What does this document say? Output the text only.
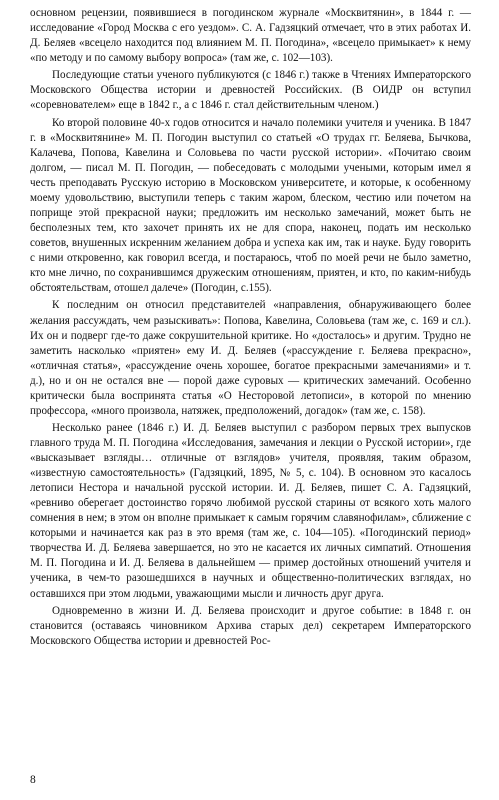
основном рецензии, появившиеся в погодинском журнале «Москвитянин», в 1844 г. — исследование «Город Москва с его уездом». С. А. Гадзяцкий отмечает, что в этих работах И. Д. Беляев «всецело находится под влиянием М. П. Погодина», «всецело примыкает» к нему «по методу и по самому выбору вопроса» (там же, с. 102—103).

Последующие статьи ученого публикуются (с 1846 г.) также в Чтениях Императорского Московского Общества истории и древностей Российских. (В ОИДР он вступил «соревнователем» еще в 1842 г., а с 1846 г. стал действительным членом.)

Ко второй половине 40-х годов относится и начало полемики учителя и ученика. В 1847 г. в «Москвитянине» М. П. Погодин выступил со статьей «О трудах гг. Беляева, Бычкова, Калачева, Попова, Кавелина и Соловьева по части русской истории». «Почитаю своим долгом, — писал М. П. Погодин, — побеседовать с молодыми учеными, которым имел я честь преподавать Русскую историю в Московском университете, и которые, к особенному моему удовольствию, выступили теперь с таким жаром, блеском, честию или почетом на поприще этой прекрасной науки; предложить им несколько замечаний, может быть не бесполезных тем, кто захочет принять их не для спора, наконец, подать им несколько советов, внушенных искренним желанием добра и успеха как им, так и науке. Буду говорить с ними откровенно, как говорил всегда, и постараюсь, чтоб по моей речи не было заметно, кто мне лично, по сохранившимся дружеским отношениям, приятен, и кто, по каким-нибудь обстоятельствам, отошел далече» (Погодин, с.155).

К последним он относил представителей «направления, обнаруживающего более желания рассуждать, чем разыскивать»: Попова, Кавелина, Соловьева (там же, с. 169 и сл.). Их он и подверг где-то даже сокрушительной критике. Но «досталось» и другим. Трудно не заметить насколько «приятен» ему И. Д. Беляев («рассуждение г. Беляева прекрасно», «отличная статья», «рассуждение очень хорошее, богатое прекрасными замечаниями» и т. д.), но и он не остался вне — порой даже суровых — критических замечаний. Особенно критически была воспринята статья «О Несторовой летописи», в которой по мнению профессора, «много произвола, натяжек, предположений, догадок» (там же, с. 158).

Несколько ранее (1846 г.) И. Д. Беляев выступил с разбором первых трех выпусков главного труда М. П. Погодина «Исследования, замечания и лекции о Русской истории», где «высказывает взгляды… отличные от взглядов» учителя, проявляя, таким образом, «известную самостоятельность» (Гадзяцкий, 1895, № 5, с. 104). В основном это касалось летописи Нестора и начальной русской истории. И. Д. Беляев, пишет С. А. Гадзяцкий, «ревниво оберегает достоинство горячо любимой русской старины от всякого хоть малого сомнения в нем; в этом он вполне примыкает к самым горячим славянофилам», сближение с которыми и начинается как раз в это время (там же, с. 104—105). «Погодинский период» творчества И. Д. Беляева завершается, но это не касается их личных симпатий. Отношения М. П. Погодина и И. Д. Беляева в дальнейшем — пример достойных отношений учителя и ученика, в чем-то разошедшихся в научных и общественно-политических взглядах, но оставшихся при этом людьми, уважающими мысли и личность друг друга.

Одновременно в жизни И. Д. Беляева происходит и другое событие: в 1848 г. он становится (оставаясь чиновником Архива старых дел) секретарем Императорского Московского Общества истории и древностей Рос-

8
